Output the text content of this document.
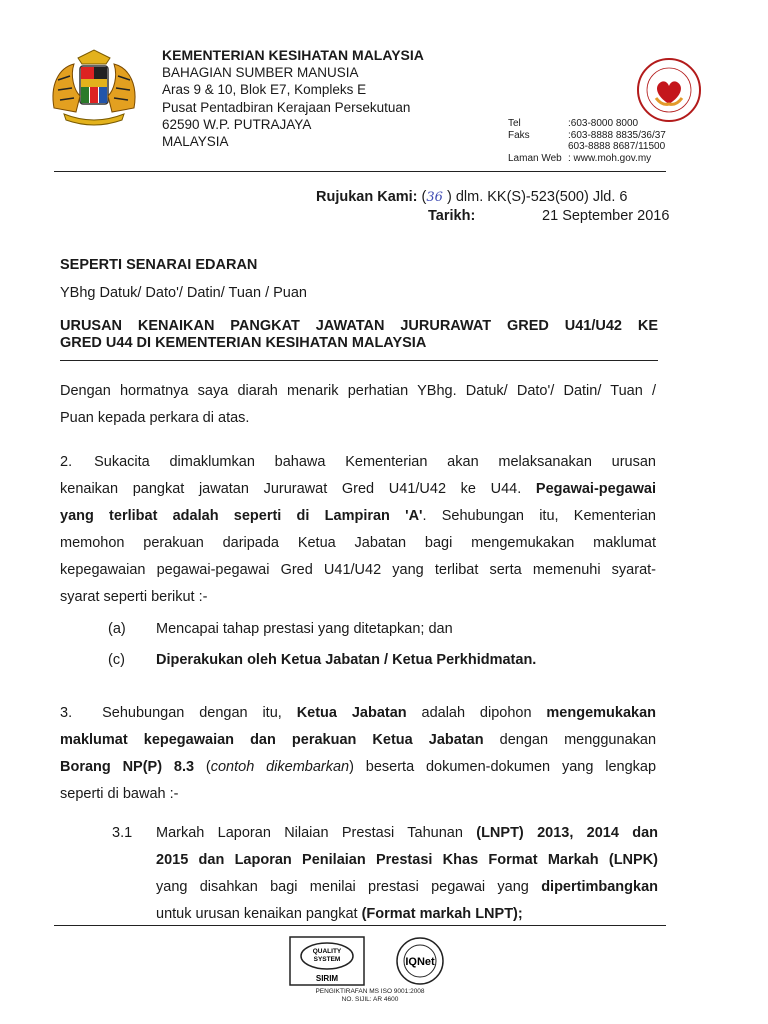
KEMENTERIAN KESIHATAN MALAYSIA
BAHAGIAN SUMBER MANUSIA
Aras 9 & 10, Blok E7, Kompleks E
Pusat Pentadbiran Kerajaan Persekutuan
62590 W.P. PUTRAJAYA
MALAYSIA
Tel	:603-8000 8000
Faks	:603-8888 8835/36/37
603-8888 8687/11500
Laman Web : www.moh.gov.my
Rujukan Kami: (36 ) dlm. KK(S)-523(500) Jld. 6
Tarikh:	21 September 2016
SEPERTI SENARAI EDARAN
YBhg Datuk/ Dato'/ Datin/ Tuan / Puan
URUSAN KENAIKAN PANGKAT JAWATAN JURURAWAT GRED U41/U42 KE
GRED U44 DI KEMENTERIAN KESIHATAN MALAYSIA
Dengan hormatnya saya diarah menarik perhatian YBhg. Datuk/ Dato'/ Datin/ Tuan /
Puan kepada perkara di atas.
2. Sukacita dimaklumkan bahawa Kementerian akan melaksanakan urusan
kenaikan pangkat jawatan Jururawat Gred U41/U42 ke U44. Pegawai-pegawai
yang terlibat adalah seperti di Lampiran 'A'. Sehubungan itu, Kementerian
memohon perakuan daripada Ketua Jabatan bagi mengemukakan maklumat
kepegawaian pegawai-pegawai Gred U41/U42 yang terlibat serta memenuhi syarat-
syarat seperti berikut :-
(a) Mencapai tahap prestasi yang ditetapkan; dan
(c) Diperakukan oleh Ketua Jabatan / Ketua Perkhidmatan.
3. Sehubungan dengan itu, Ketua Jabatan adalah dipohon mengemukakan
maklumat kepegawaian dan perakuan Ketua Jabatan dengan menggunakan
Borang NP(P) 8.3 (contoh dikembarkan) beserta dokumen-dokumen yang lengkap
seperti di bawah :-
3.1 Markah Laporan Nilaian Prestasi Tahunan (LNPT) 2013, 2014 dan
2015 dan Laporan Penilaian Prestasi Khas Format Markah (LNPK)
yang disahkan bagi menilai prestasi pegawai yang dipertimbangkan
untuk urusan kenaikan pangkat (Format markah LNPT);
QUALITY
SYSTEM
SIRIM
IQNet
PENGIKTIRAFAN MS ISO 9001:2008
NO. SIJIL: AR 4600
